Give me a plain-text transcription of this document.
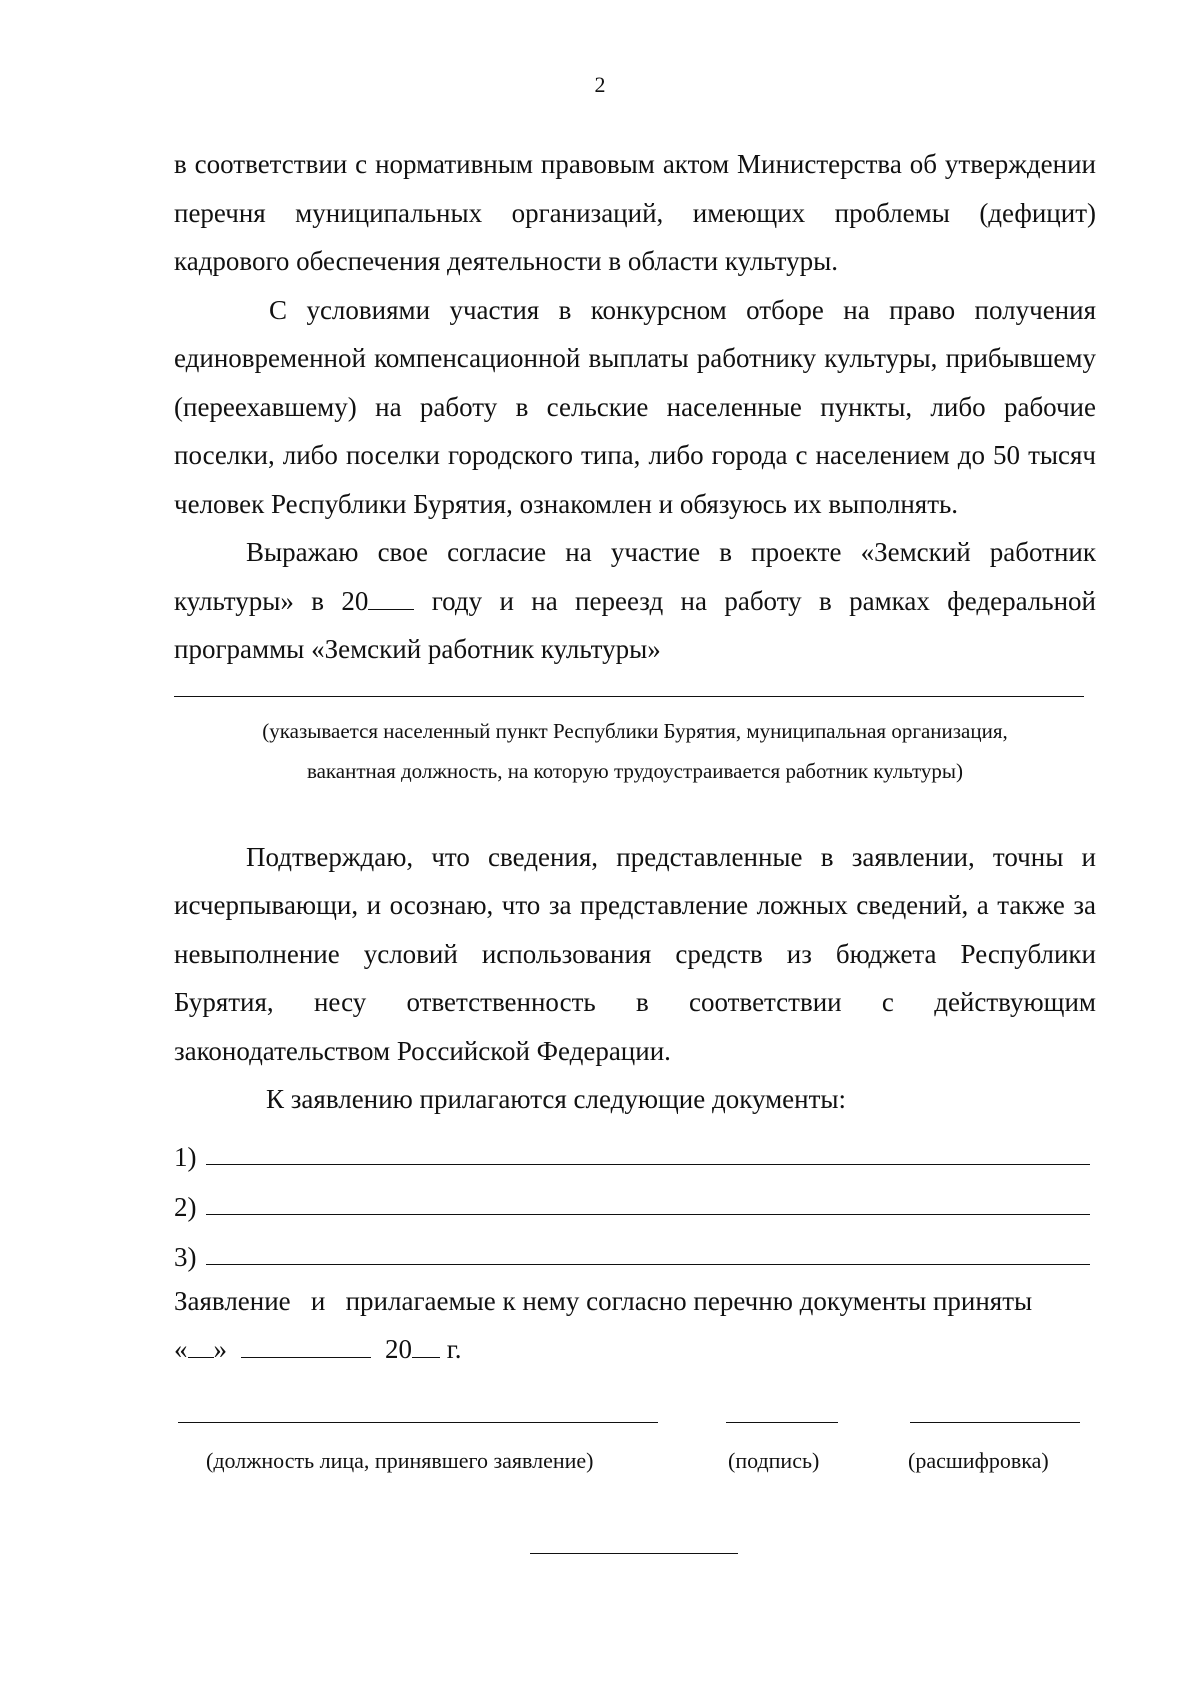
2

в соответствии с нормативным правовым актом Министерства об утверждении перечня муниципальных организаций, имеющих проблемы (дефицит) кадрового обеспечения деятельности в области культуры.

С условиями участия в конкурсном отборе на право получения единовременной компенсационной выплаты работнику культуры, прибывшему (переехавшему) на работу в сельские населенные пункты, либо рабочие поселки, либо поселки городского типа, либо города с населением до 50 тысяч человек Республики Бурятия, ознакомлен и обязуюсь их выполнять.

Выражаю свое согласие на участие в проекте «Земский работник культуры» в 20 году и на переезд на работу в рамках федеральной программы «Земский работник культуры»

(указывается населенный пункт Республики Бурятия, муниципальная организация,
вакантная должность, на которую трудоустраивается работник культуры)

Подтверждаю, что сведения, представленные в заявлении, точны и исчерпывающи, и осознаю, что за представление ложных сведений, а также за невыполнение условий использования средств из бюджета Республики Бурятия, несу ответственность в соответствии с действующим законодательством Российской Федерации.

К заявлению прилагаются следующие документы:
1)
2)
3)
Заявление   и   прилагаемые к нему согласно перечню документы приняты
« »	20 г.
(должность лица, принявшего заявление)	(подпись)	(расшифровка)
